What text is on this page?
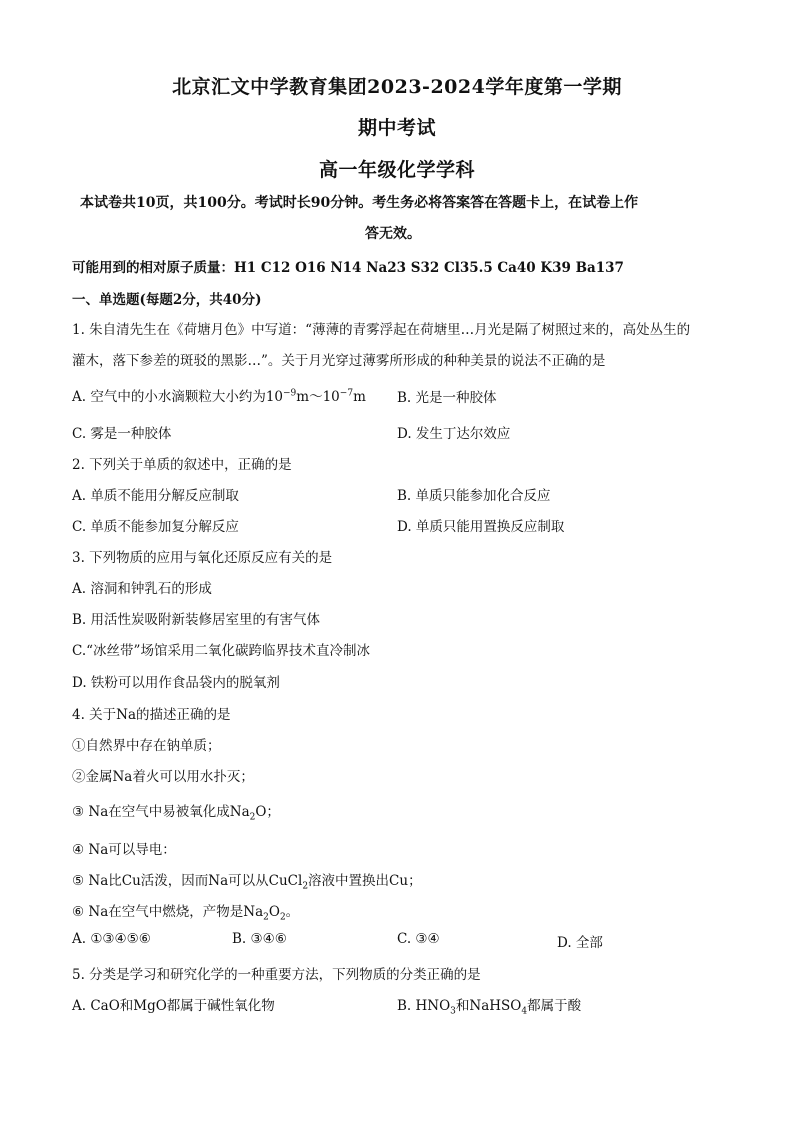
北京汇文中学教育集团2023-2024学年度第一学期
期中考试
高一年级化学学科
本试卷共10页，共100分。考试时长90分钟。考生务必将答案答在答题卡上，在试卷上作
答无效。
可能用到的相对原子质量：H1 C12 O16 N14 Na23 S32 Cl35.5 Ca40 K39 Ba137
一、单选题(每题2分，共40分)
1. 朱自清先生在《荷塘月色》中写道：“薄薄的青雾浮起在荷塘里…月光是隔了树照过来的，高处丛生的
灌木，落下参差的斑驳的黑影…”。关于月光穿过薄雾所形成的种种美景的说法不正确的是
A. 空气中的小水滴颗粒大小约为$10^{-9}m\sim 10^{-7}m$ B. 光是一种胶体
C. 雾是一种胶体	D. 发生丁达尔效应
2. 下列关于单质的叙述中，正确的是
A. 单质不能用分解反应制取	B. 单质只能参加化合反应
C. 单质不能参加复分解反应	D. 单质只能用置换反应制取
3. 下列物质的应用与氧化还原反应有关的是
A. 溶洞和钟乳石的形成
B. 用活性炭吸附新装修居室里的有害气体
C.“冰丝带”场馆采用二氧化碳跨临界技术直冷制冰
D. 铁粉可以用作食品袋内的脱氧剂
4. 关于Na的描述正确的是
①自然界中存在钠单质；
②金属Na着火可以用水扑灭；
③ Na在空气中易被氧化成$Na_2O$；
④ Na可以导电：
⑤ Na比Cu活泼，因而Na可以从CuCl$_2$溶液中置换出Cu；
⑥ Na在空气中燃烧，产物是$Na_2O_2$。
A. ①③④⑤⑥	B. ③④⑥	C. ③④	D. 全部
5. 分类是学习和研究化学的一种重要方法，下列物质的分类正确的是
A. CaO和MgO都属于碱性氧化物	B. $HNO_3$和NaHSO$_4$都属于酸
